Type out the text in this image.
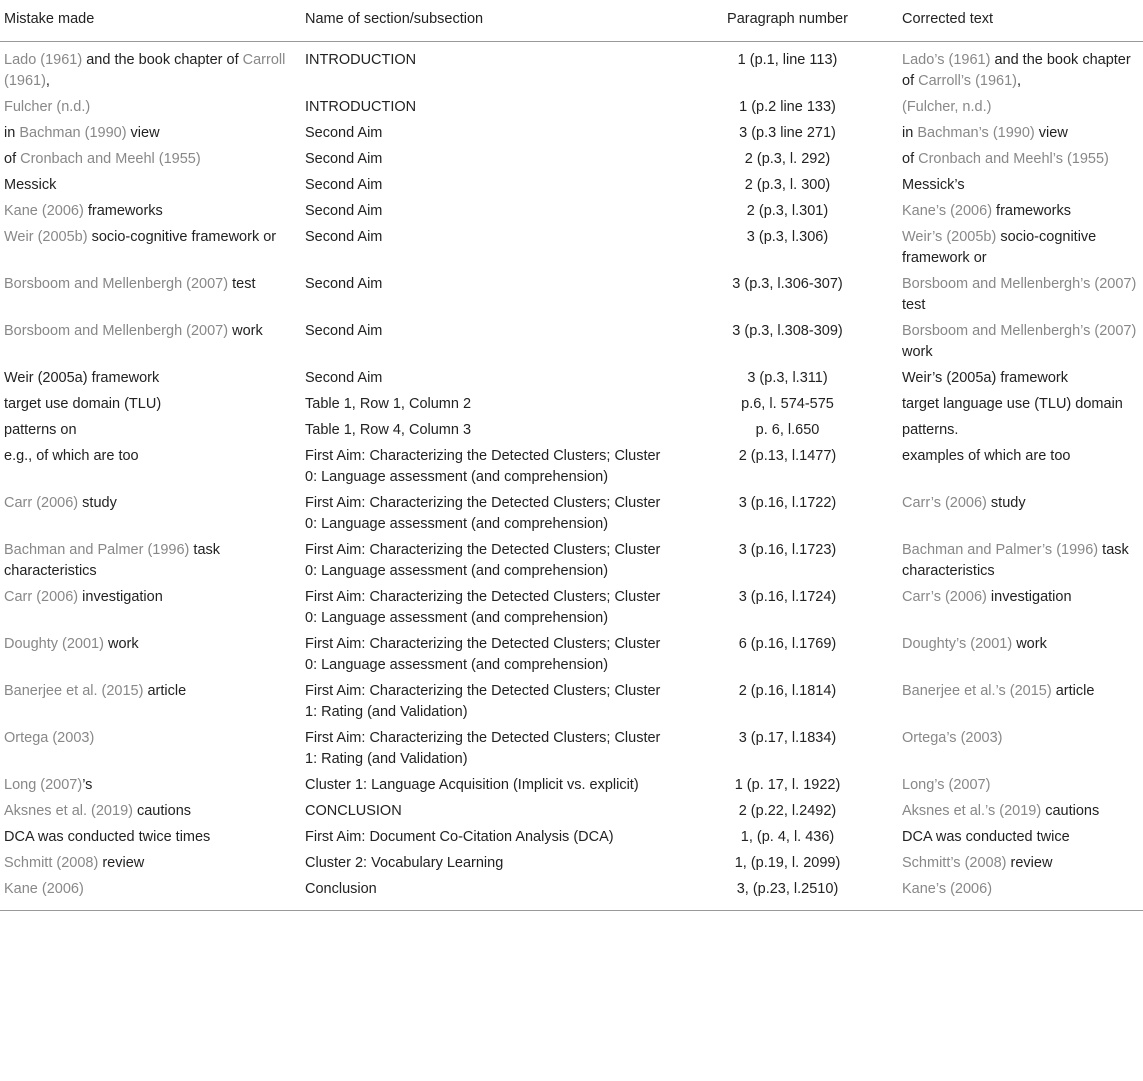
Mistake made	Name of section/subsection	Paragraph number	Corrected text
Lado (1961) and the book chapter of Carroll (1961),	INTRODUCTION	1 (p.1, line 113)	Lado’s (1961) and the book chapter of Carroll’s (1961),
Fulcher (n.d.)	INTRODUCTION	1 (p.2 line 133)	(Fulcher, n.d.)
in Bachman (1990) view	Second Aim	3 (p.3 line 271)	in Bachman’s (1990) view
of Cronbach and Meehl (1955)	Second Aim	2 (p.3, l. 292)	of Cronbach and Meehl’s (1955)
Messick	Second Aim	2 (p.3, l. 300)	Messick’s
Kane (2006) frameworks	Second Aim	2 (p.3, l.301)	Kane’s (2006) frameworks
Weir (2005b) socio-cognitive framework or	Second Aim	3 (p.3, l.306)	Weir’s (2005b) socio-cognitive framework or
Borsboom and Mellenbergh (2007) test	Second Aim	3 (p.3, l.306-307)	Borsboom and Mellenbergh’s (2007) test
Borsboom and Mellenbergh (2007) work	Second Aim	3 (p.3, l.308-309)	Borsboom and Mellenbergh’s (2007) work
Weir (2005a) framework	Second Aim	3 (p.3, l.311)	Weir’s (2005a) framework
target use domain (TLU)	Table 1, Row 1, Column 2	p.6, l. 574-575	target language use (TLU) domain
patterns on	Table 1, Row 4, Column 3	p. 6, l.650	patterns.
e.g., of which are too	First Aim: Characterizing the Detected Clusters; Cluster 0: Language assessment (and comprehension)	2 (p.13, l.1477)	examples of which are too
Carr (2006) study	First Aim: Characterizing the Detected Clusters; Cluster 0: Language assessment (and comprehension)	3 (p.16, l.1722)	Carr’s (2006) study
Bachman and Palmer (1996) task characteristics	First Aim: Characterizing the Detected Clusters; Cluster 0: Language assessment (and comprehension)	3 (p.16, l.1723)	Bachman and Palmer’s (1996) task characteristics
Carr (2006) investigation	First Aim: Characterizing the Detected Clusters; Cluster 0: Language assessment (and comprehension)	3 (p.16, l.1724)	Carr’s (2006) investigation
Doughty (2001) work	First Aim: Characterizing the Detected Clusters; Cluster 0: Language assessment (and comprehension)	6 (p.16, l.1769)	Doughty’s (2001) work
Banerjee et al. (2015) article	First Aim: Characterizing the Detected Clusters; Cluster 1: Rating (and Validation)	2 (p.16, l.1814)	Banerjee et al.’s (2015) article
Ortega (2003)	First Aim: Characterizing the Detected Clusters; Cluster 1: Rating (and Validation)	3 (p.17, l.1834)	Ortega’s (2003)
Long (2007)’s	Cluster 1: Language Acquisition (Implicit vs. explicit)	1 (p. 17, l. 1922)	Long’s (2007)
Aksnes et al. (2019) cautions	CONCLUSION	2 (p.22, l.2492)	Aksnes et al.’s (2019) cautions
DCA was conducted twice times	First Aim: Document Co-Citation Analysis (DCA)	1, (p. 4, l. 436)	DCA was conducted twice
Schmitt (2008) review	Cluster 2: Vocabulary Learning	1, (p.19, l. 2099)	Schmitt’s (2008) review
Kane (2006)	Conclusion	3, (p.23, l.2510)	Kane’s (2006)
